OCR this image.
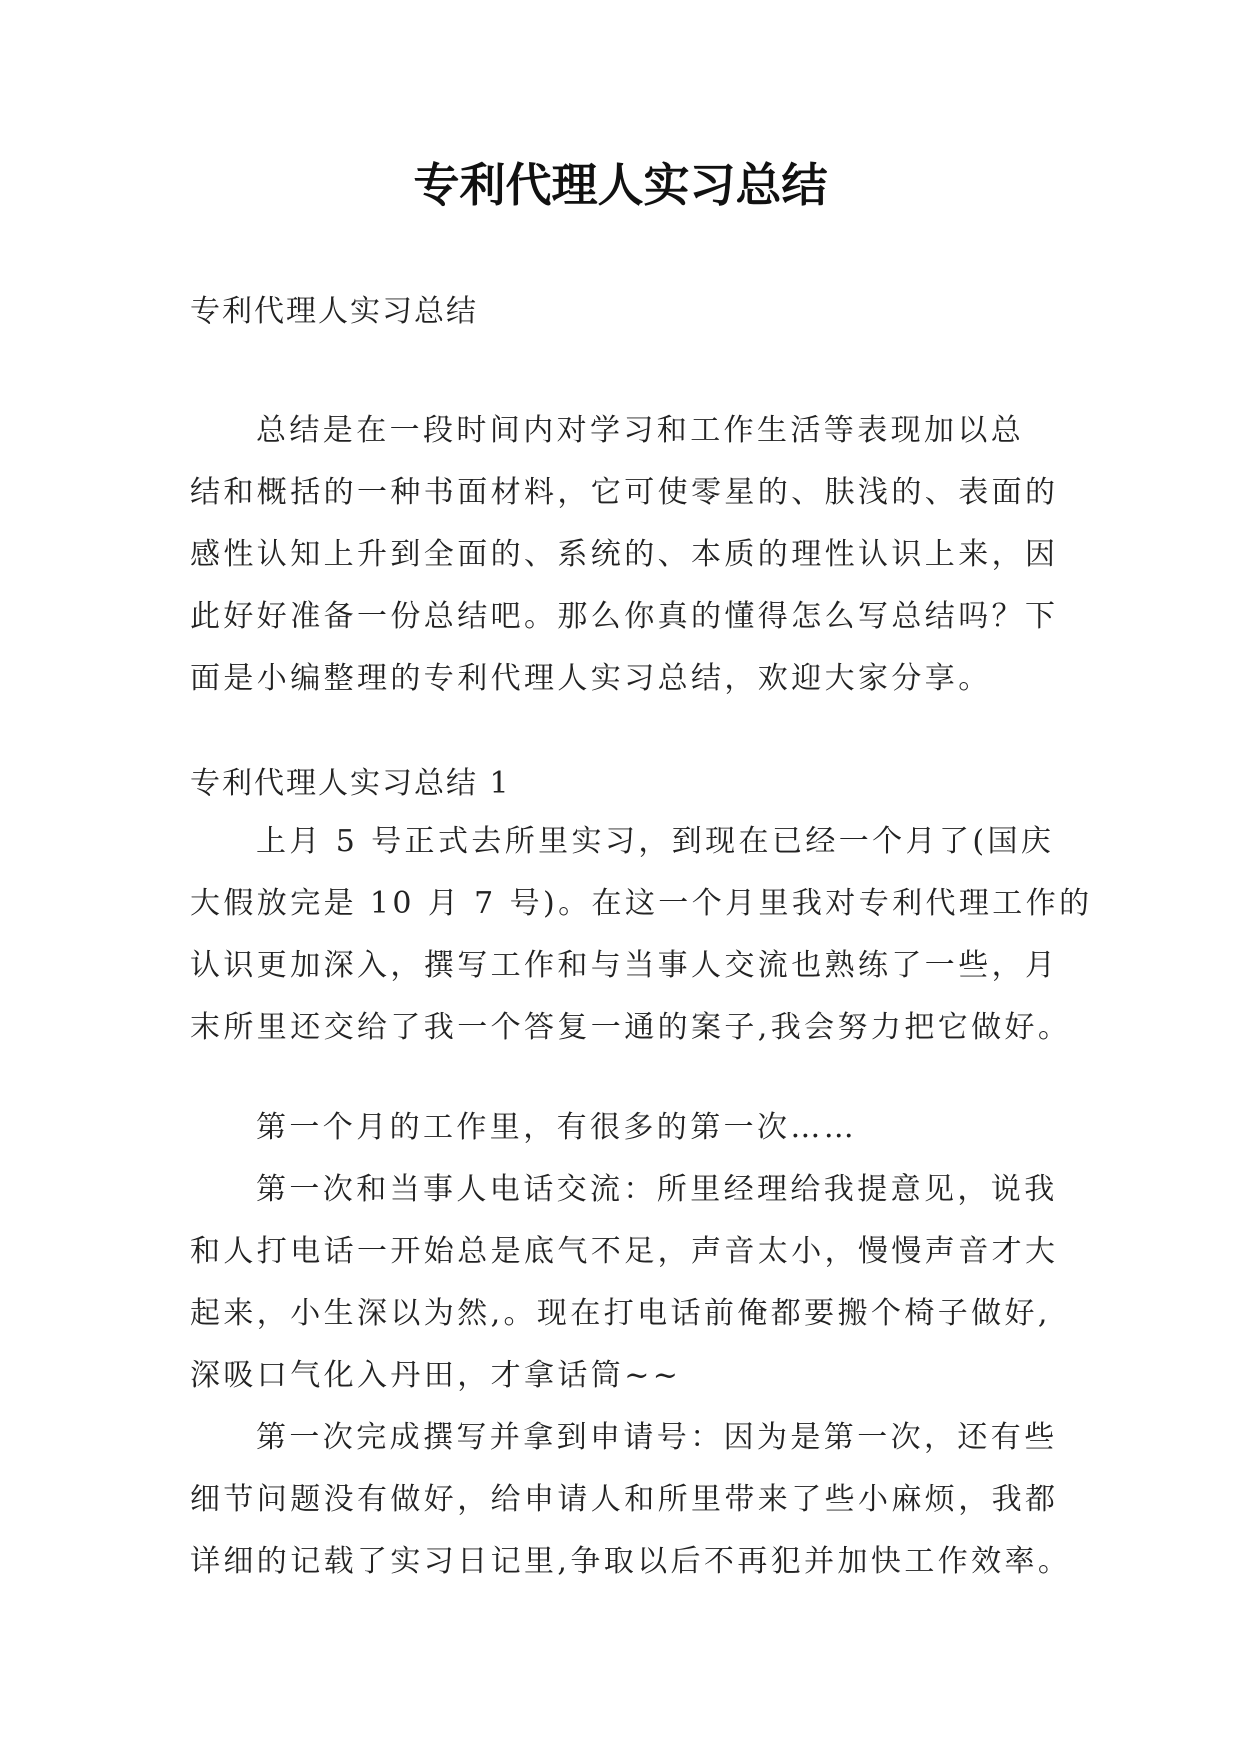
专利代理人实习总结
专利代理人实习总结
总结是在一段时间内对学习和工作生活等表现加以总
结和概括的一种书面材料，它可使零星的、肤浅的、表面的
感性认知上升到全面的、系统的、本质的理性认识上来，因
此好好准备一份总结吧。那么你真的懂得怎么写总结吗？下
面是小编整理的专利代理人实习总结，欢迎大家分享。
专利代理人实习总结 1
上月 5 号正式去所里实习，到现在已经一个月了(国庆
大假放完是 10 月 7 号)。在这一个月里我对专利代理工作的
认识更加深入，撰写工作和与当事人交流也熟练了一些，月
末所里还交给了我一个答复一通的案子,我会努力把它做好。
第一个月的工作里，有很多的第一次……
第一次和当事人电话交流：所里经理给我提意见，说我
和人打电话一开始总是底气不足，声音太小，慢慢声音才大
起来，小生深以为然,。现在打电话前俺都要搬个椅子做好,
深吸口气化入丹田，才拿话筒~~
第一次完成撰写并拿到申请号：因为是第一次，还有些
细节问题没有做好，给申请人和所里带来了些小麻烦，我都
详细的记载了实习日记里,争取以后不再犯并加快工作效率。
